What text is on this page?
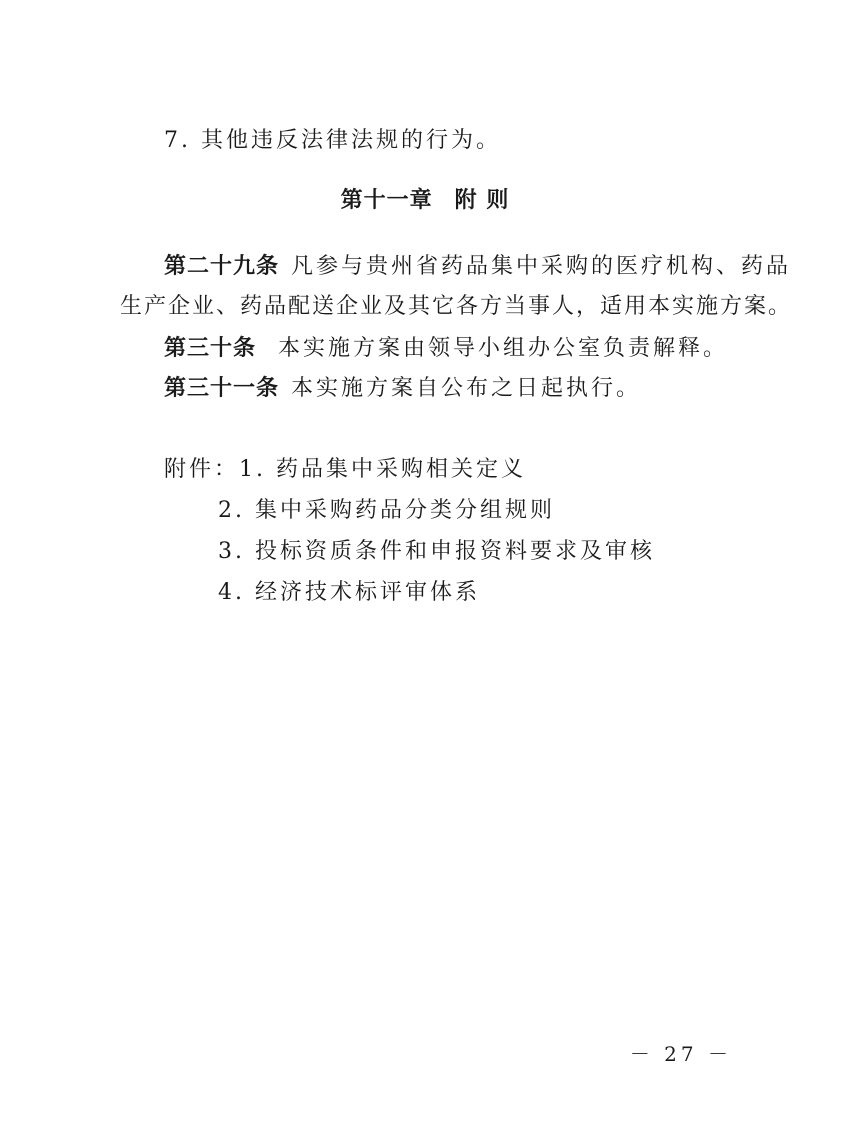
7. 其他违反法律法规的行为。
第十一章 附 则
第二十九条 凡参与贵州省药品集中采购的医疗机构、药品
生产企业、药品配送企业及其它各方当事人，适用本实施方案。
第三十条 本实施方案由领导小组办公室负责解释。
第三十一条 本实施方案自公布之日起执行。
附件：1. 药品集中采购相关定义
2. 集中采购药品分类分组规则
3. 投标资质条件和申报资料要求及审核
4. 经济技术标评审体系
－ 27 －
